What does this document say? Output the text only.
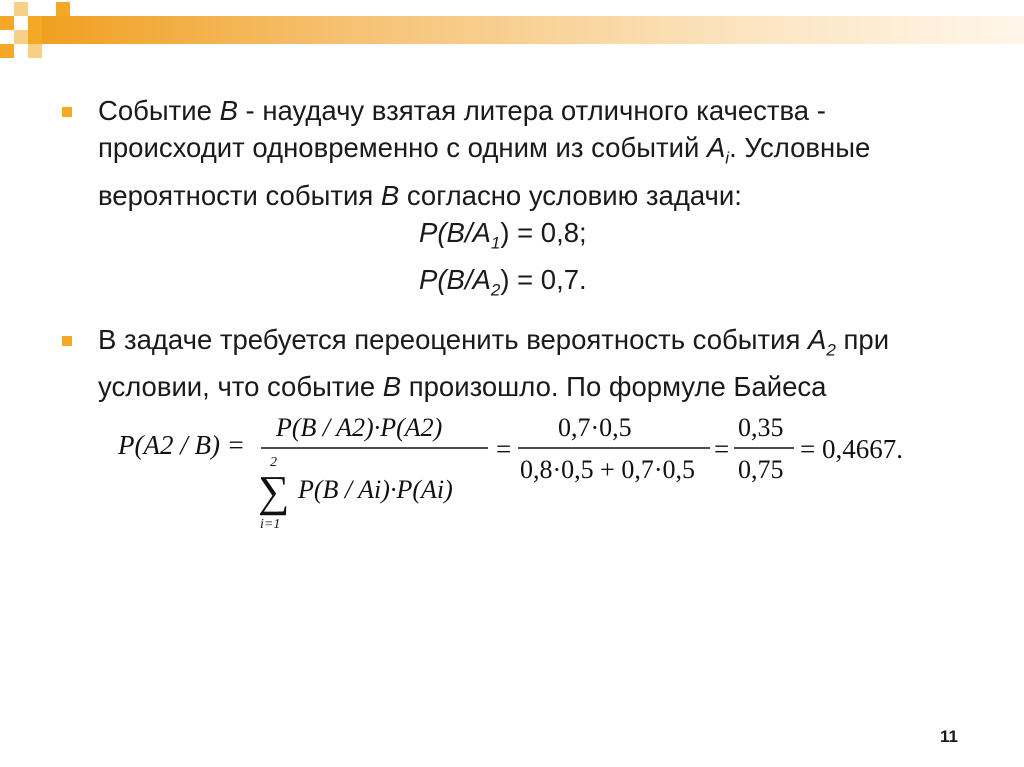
Событие B - наудачу взятая литера отличного качества - происходит одновременно с одним из событий $A_i$. Условные вероятности события B согласно условию задачи:

$P(B/A_1) = 0,8$;
$P(B/A_2) = 0,7$.

В задаче требуется переоценить вероятность события $A_2$ при условии, что событие B произошло. По формуле Байеса

P(A2 / B) =
P(B / A2)·P(A2)
2
∑
i=1
P(B / Ai)·P(Ai)
=
0,7·0,5
0,8·0,5 + 0,7·0,5
=
0,35
0,75
= 0,4667.
11
